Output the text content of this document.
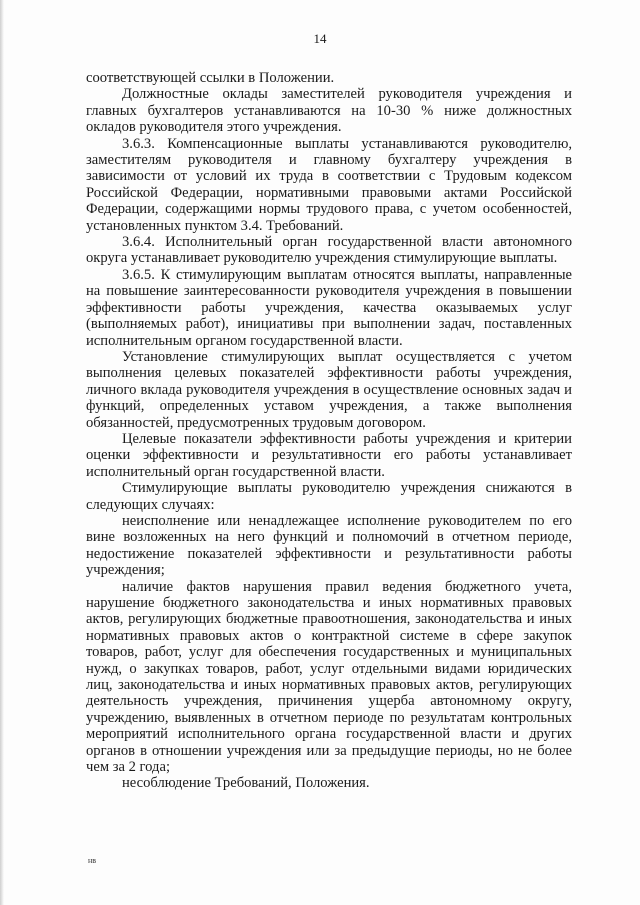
14

соответствующей ссылки в Положении.

Должностные оклады заместителей руководителя учреждения и главных бухгалтеров устанавливаются на 10-30 % ниже должностных окладов руководителя этого учреждения.

3.6.3. Компенсационные выплаты устанавливаются руководителю, заместителям руководителя и главному бухгалтеру учреждения в зависимости от условий их труда в соответствии с Трудовым кодексом Российской Федерации, нормативными правовыми актами Российской Федерации, содержащими нормы трудового права, с учетом особенностей, установленных пунктом 3.4. Требований.

3.6.4. Исполнительный орган государственной власти автономного округа устанавливает руководителю учреждения стимулирующие выплаты.

3.6.5. К стимулирующим выплатам относятся выплаты, направленные на повышение заинтересованности руководителя учреждения в повышении эффективности работы учреждения, качества оказываемых услуг (выполняемых работ), инициативы при выполнении задач, поставленных исполнительным органом государственной власти.

Установление стимулирующих выплат осуществляется с учетом выполнения целевых показателей эффективности работы учреждения, личного вклада руководителя учреждения в осуществление основных задач и функций, определенных уставом учреждения, а также выполнения обязанностей, предусмотренных трудовым договором.

Целевые показатели эффективности работы учреждения и критерии оценки эффективности и результативности его работы устанавливает исполнительный орган государственной власти.

Стимулирующие выплаты руководителю учреждения снижаются в следующих случаях:

неисполнение или ненадлежащее исполнение руководителем по его вине возложенных на него функций и полномочий в отчетном периоде, недостижение показателей эффективности и результативности работы учреждения;

наличие фактов нарушения правил ведения бюджетного учета, нарушение бюджетного законодательства и иных нормативных правовых актов, регулирующих бюджетные правоотношения, законодательства и иных нормативных правовых актов о контрактной системе в сфере закупок товаров, работ, услуг для обеспечения государственных и муниципальных нужд, о закупках товаров, работ, услуг отдельными видами юридических лиц, законодательства и иных нормативных правовых актов, регулирующих деятельность учреждения, причинения ущерба автономному округу, учреждению, выявленных в отчетном периоде по результатам контрольных мероприятий исполнительного органа государственной власти и других органов в отношении учреждения или за предыдущие периоды, но не более чем за 2 года;

несоблюдение Требований, Положения.

нв
